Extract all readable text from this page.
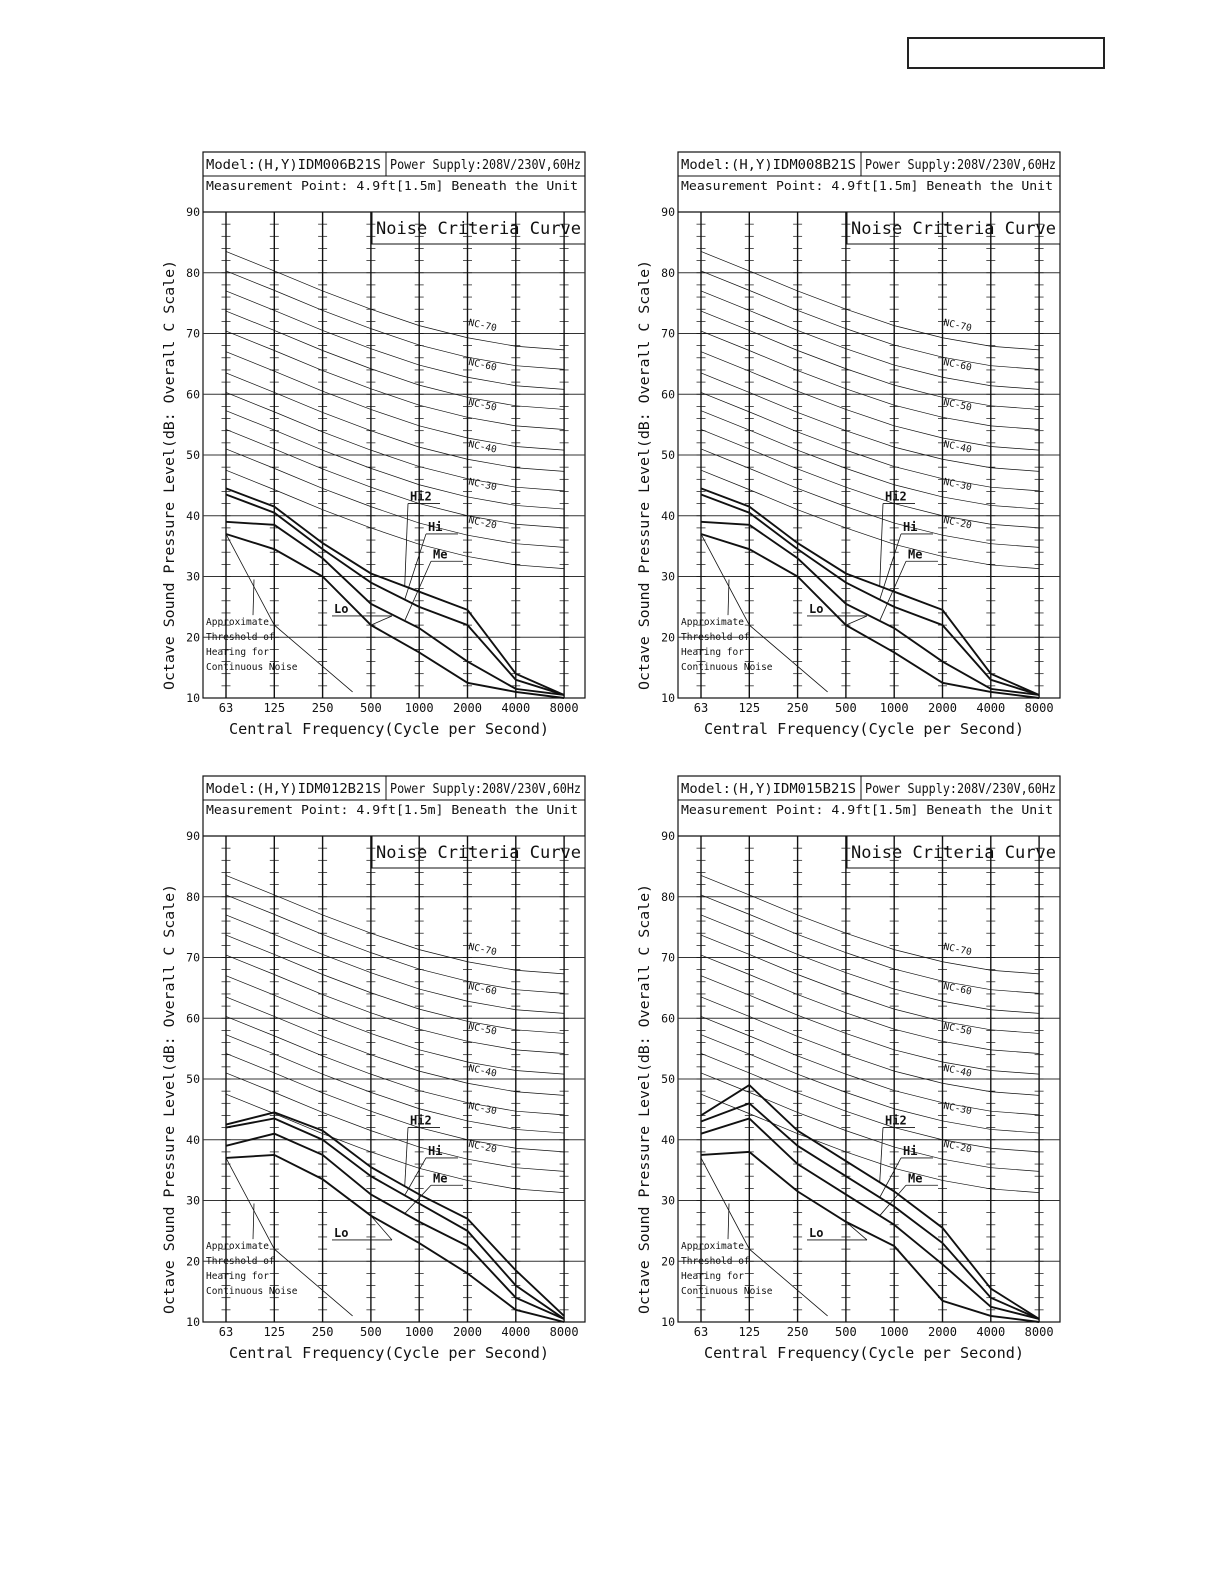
Model:(H,Y)IDM006B21S Power Supply:208V/230V,60Hz
Measurement Point: 4.9ft[1.5m] Beneath the Unit
Noise Criteria Curve
90
80
70
60
50
40
30
20
10
63	125 250 500 1000 2000 4000 8000
NC-70
NC-60
NC-50
NC-40
NC-30
NC-20
Approximate
Threshold of
Hearing for
Continuous Noise
Hi2
Hi
Me
Lo
Central Frequency(Cycle per Second)
Octave Sound Pressure Level(dB: Overall C Scale)
Model:(H,Y)IDM008B21S Power Supply:208V/230V,60Hz
Measurement Point: 4.9ft[1.5m] Beneath the Unit
Noise Criteria Curve
90
80
70
60
50
40
30
20
10
63	125 250 500 1000 2000 4000 8000
NC-70
NC-60
NC-50
NC-40
NC-30
NC-20
Approximate
Threshold of
Hearing for
Continuous Noise
Hi2
Hi
Me
Lo
Central Frequency(Cycle per Second)
Octave Sound Pressure Level(dB: Overall C Scale)
Model:(H,Y)IDM012B21S Power Supply:208V/230V,60Hz
Measurement Point: 4.9ft[1.5m] Beneath the Unit
Noise Criteria Curve
90
80
70
60
50
40
30
20
10
63	125 250 500 1000 2000 4000 8000
NC-70
NC-60
NC-50
NC-40
NC-30
NC-20
Approximate
Threshold of
Hearing for
Continuous Noise
Hi2
Hi
Me
Lo
Central Frequency(Cycle per Second)
Octave Sound Pressure Level(dB: Overall C Scale)
Model:(H,Y)IDM015B21S Power Supply:208V/230V,60Hz
Measurement Point: 4.9ft[1.5m] Beneath the Unit
Noise Criteria Curve
90
80
70
60
50
40
30
20
10
63	125 250 500 1000 2000 4000 8000
NC-70
NC-60
NC-50
NC-40
NC-30
NC-20
Approximate
Threshold of
Hearing for
Continuous Noise
Hi2
Hi
Me
Lo
Central Frequency(Cycle per Second)
Octave Sound Pressure Level(dB: Overall C Scale)
